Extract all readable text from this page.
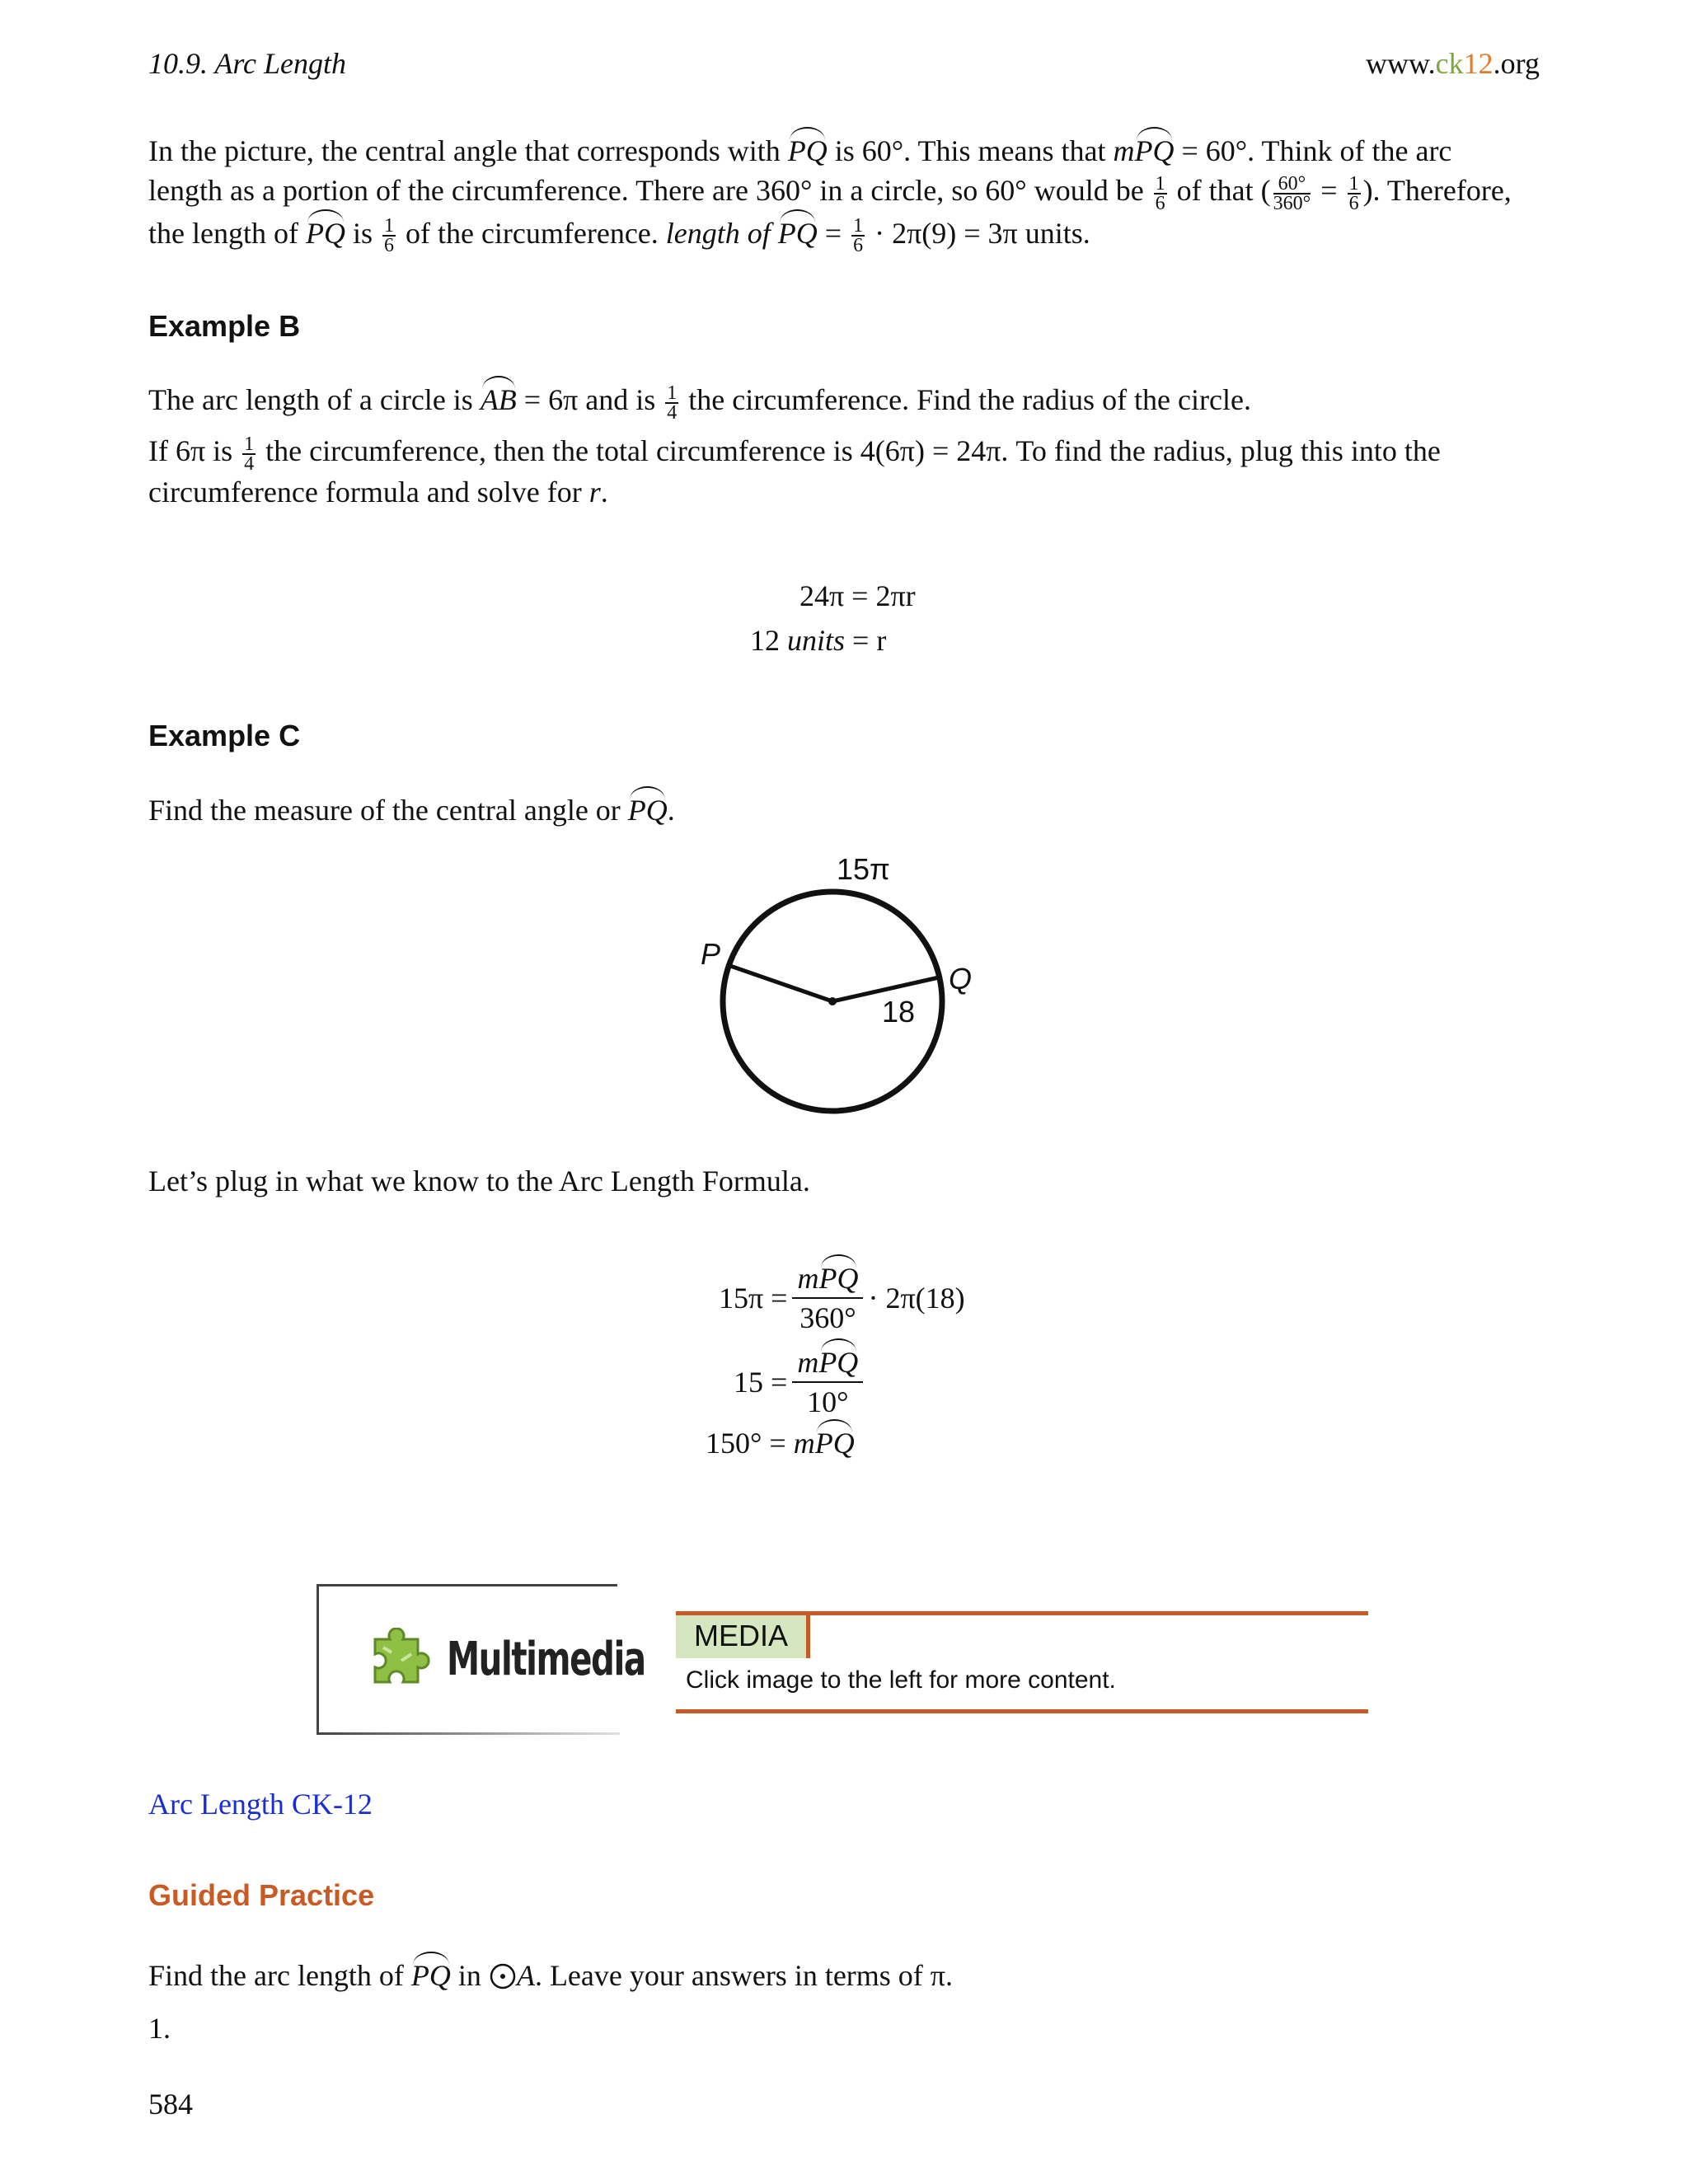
10.9. Arc Length	www.ck12.org
In the picture, the central angle that corresponds with PQ is 60°. This means that mPQ = 60°. Think of the arc
length as a portion of the circumference. There are 360° in a circle, so 60° would be $\frac{1}{6}$ of that ( $\frac{60^\circ}{360^\circ} = \frac{1}{6}$ ). Therefore,
the length of PQ is $\frac{1}{6}$ of the circumference. length of PQ = $\frac{1}{6} \cdot 2\pi(9) = 3\pi$ units.
Example B
The arc length of a circle is AB = 6π and is $\frac{1}{4}$ the circumference. Find the radius of the circle.
If 6π is $\frac{1}{4}$ the circumference, then the total circumference is 4(6π) = 24π. To find the radius, plug this into the
circumference formula and solve for r.
24π = 2πr
12 units = r
Example C
Find the measure of the central angle or PQ.
15π
P
Q
18
Let’s plug in what we know to the Arc Length Formula.
15π =
mPQ
360°
· 2π(18)
15 =
mPQ
10°
150° = mPQ
Multimedia	MEDIA
Click image to the left for more content.
Arc Length CK-12
Guided Practice
Find the arc length of PQ in A. Leave your answers in terms of π.
1.
584
